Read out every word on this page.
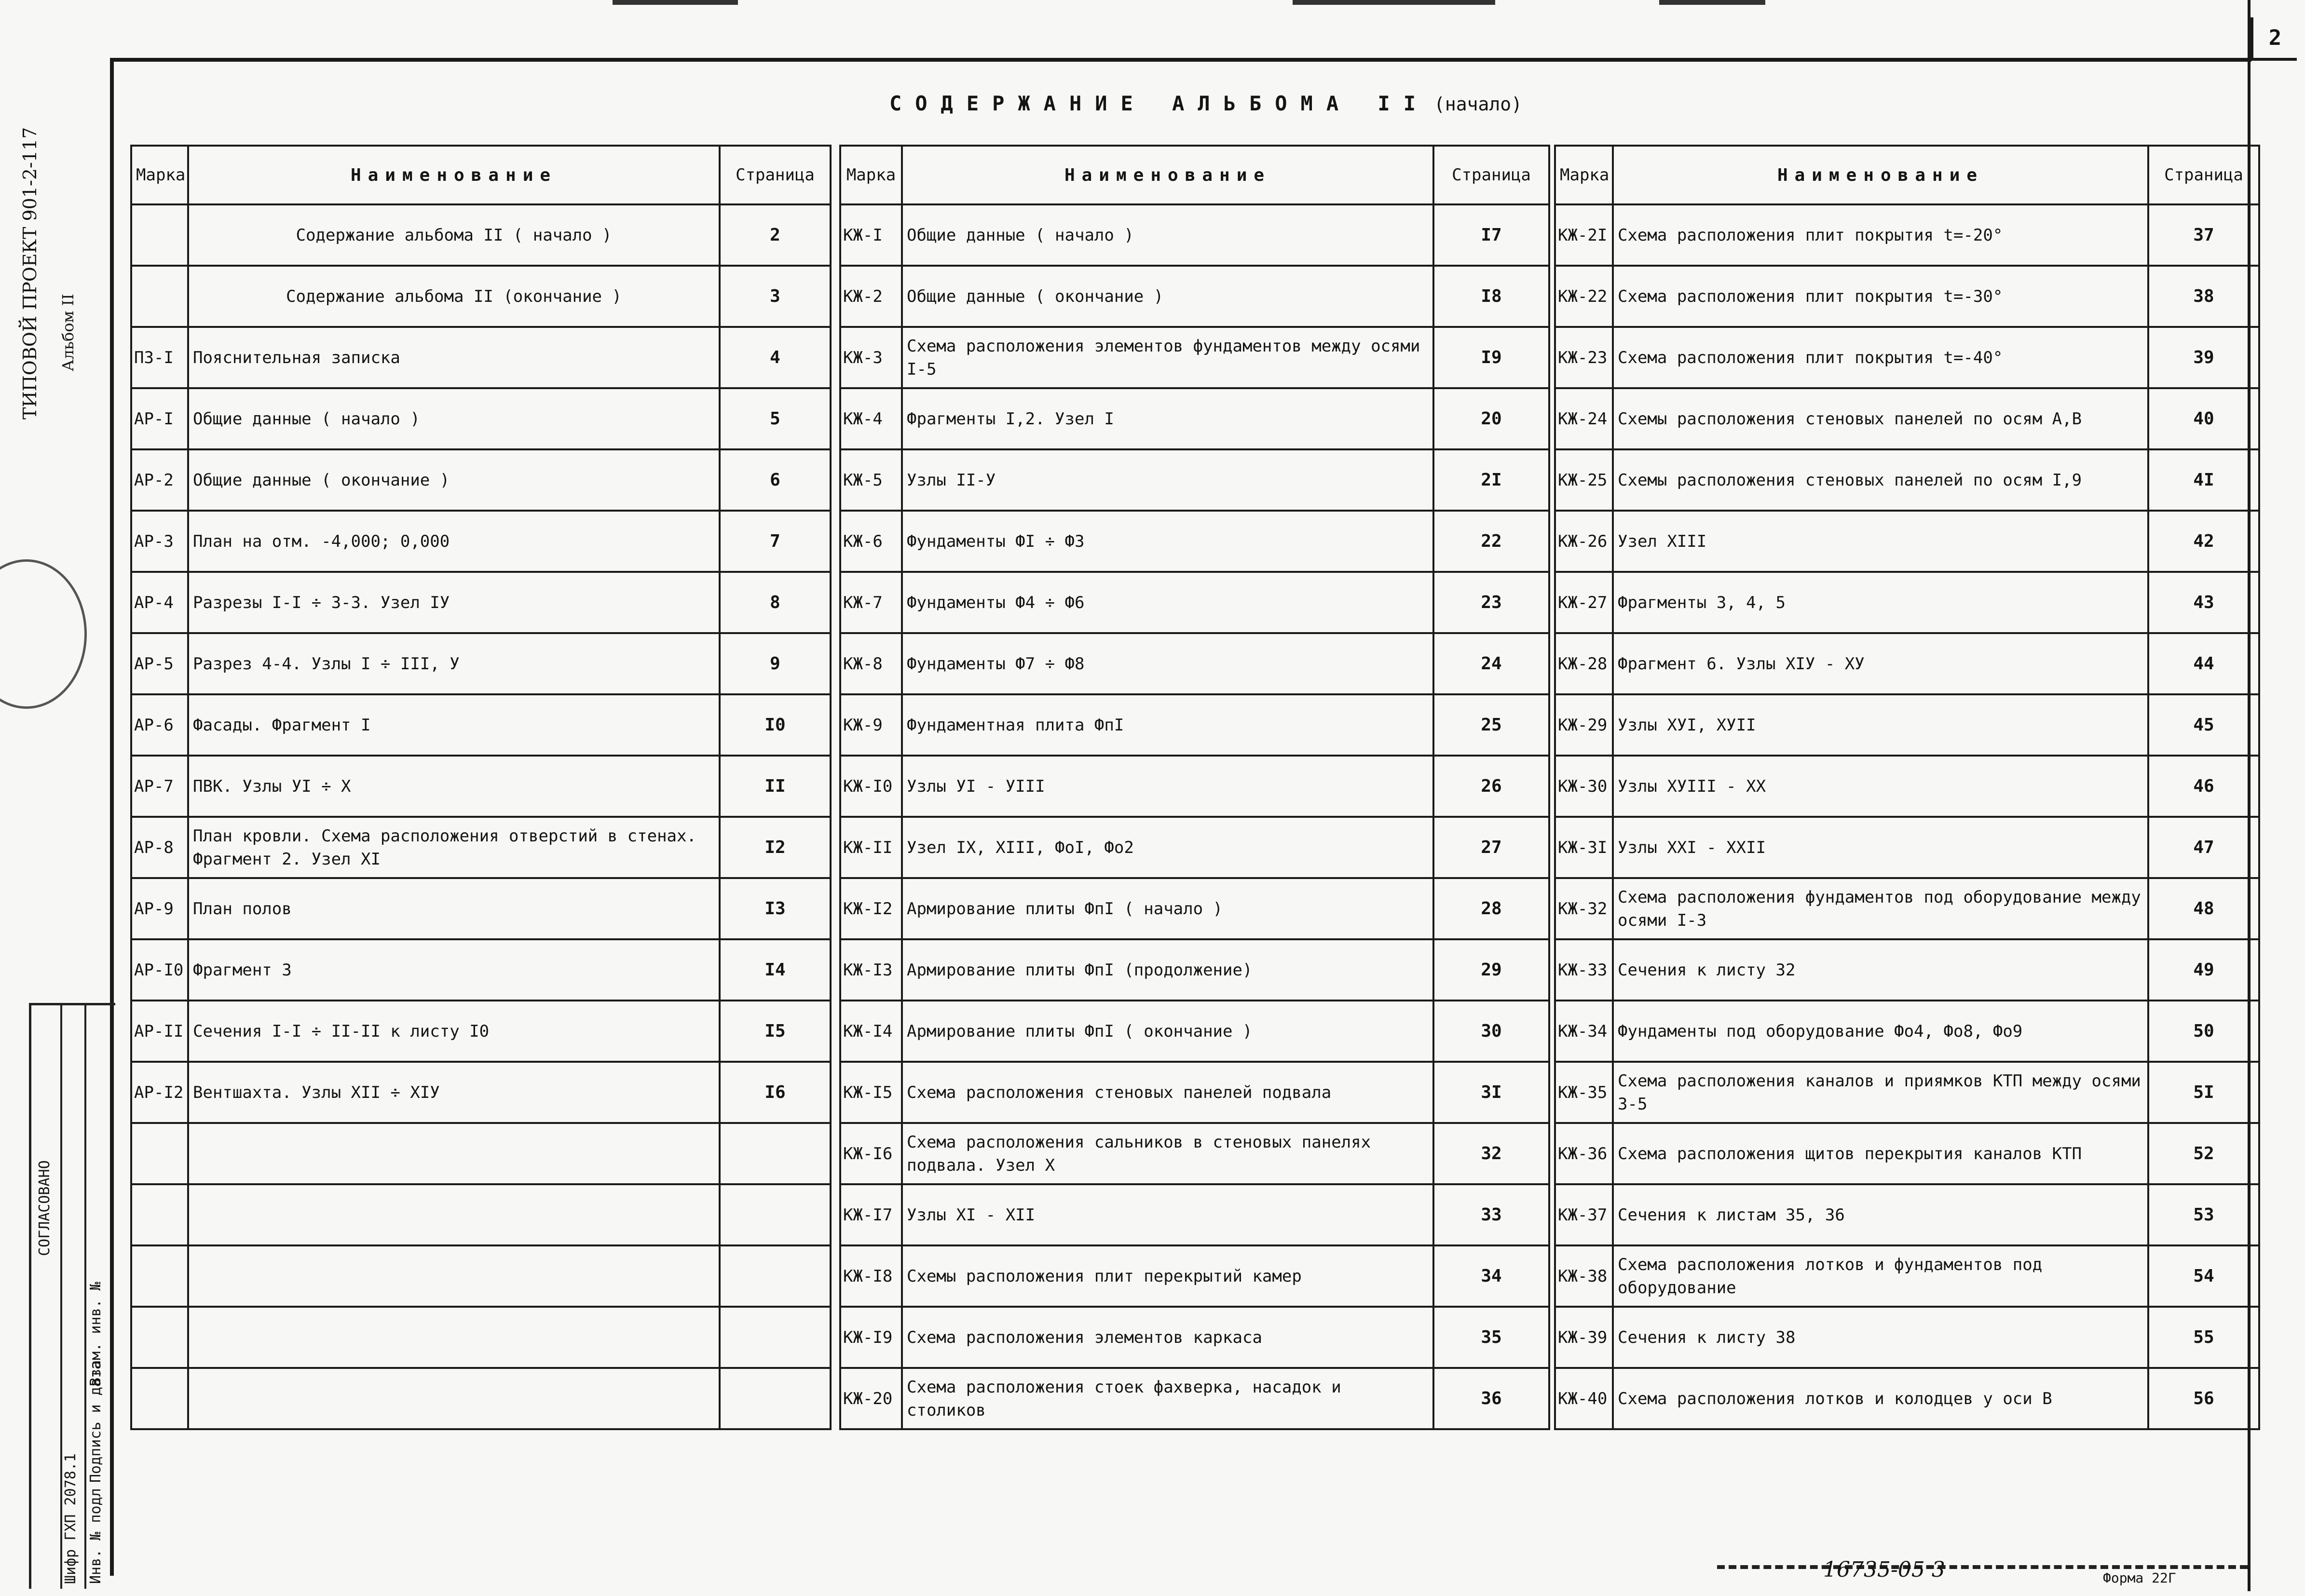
2
ТИПОВОЙ ПРОЕКТ 901-2-117	Альбом II
СОДЕРЖАНИЕ АЛЬБОМА II (начало)
СОГЛАСОВАНО
Шифр ГХП 2078.1 Инв. № подл
Подпись и дата
Взам. инв. №
Марка	Наименование	Страница
	Содержание альбома II ( начало )	2
	Содержание альбома II (окончание )	3
ПЗ-I	Пояснительная записка	4
АР-I	Общие данные ( начало )	5
АР-2	Общие данные ( окончание )	6
АР-3	План на отм. -4,000; 0,000	7
АР-4	Разрезы I-I ÷ 3-3. Узел IУ	8
АР-5	Разрез 4-4. Узлы I ÷ III, У	9
АР-6	Фасады. Фрагмент I	I0
АР-7	ПВК. Узлы УI ÷ X	II
АР-8	План кровли. Схема расположения отверстий в стенах. Фрагмент 2. Узел XI	I2
АР-9	План полов	I3
АР-I0	Фрагмент 3	I4
АР-II	Сечения I-I ÷ II-II к листу I0	I5
АР-I2	Вентшахта. Узлы XII ÷ XIУ	I6

Марка	Наименование	Страница
КЖ-I	Общие данные ( начало )	I7
КЖ-2	Общие данные ( окончание )	I8
КЖ-3	Схема расположения элементов фундаментов между осями I-5	I9
КЖ-4	Фрагменты I,2. Узел I	20
КЖ-5	Узлы II-У	2I
КЖ-6	Фундаменты ФI ÷ Ф3	22
КЖ-7	Фундаменты Ф4 ÷ Ф6	23
КЖ-8	Фундаменты Ф7 ÷ Ф8	24
КЖ-9	Фундаментная плита ФпI	25
КЖ-I0	Узлы УI - УIII	26
КЖ-II	Узел IX, XIII, ФоI, Фо2	27
КЖ-I2	Армирование плиты ФпI ( начало )	28
КЖ-I3	Армирование плиты ФпI (продолжение)	29
КЖ-I4	Армирование плиты ФпI ( окончание )	30
КЖ-I5	Схема расположения стеновых панелей подвала	3I
КЖ-I6	Схема расположения сальников в стеновых панелях подвала. Узел X	32
КЖ-I7	Узлы XI - XII	33
КЖ-I8	Схемы расположения плит перекрытий камер	34
КЖ-I9	Схема расположения элементов каркаса	35
КЖ-20	Схема расположения стоек фахверка, насадок и столиков	36
Марка	Наименование	Страница
КЖ-2I	Схема расположения плит покрытия t=-20°	37
КЖ-22	Схема расположения плит покрытия t=-30°	38
КЖ-23	Схема расположения плит покрытия t=-40°	39
КЖ-24	Схемы расположения стеновых панелей по осям А,В	40
КЖ-25	Схемы расположения стеновых панелей по осям I,9	4I
КЖ-26	Узел XIII	42
КЖ-27	Фрагменты 3, 4, 5	43
КЖ-28	Фрагмент 6. Узлы XIУ - XУ	44
КЖ-29	Узлы XУI, XУII	45
КЖ-30	Узлы XУIII - XX	46
КЖ-3I	Узлы XXI - XXII	47
КЖ-32	Схема расположения фундаментов под оборудование между осями I-3	48
КЖ-33	Сечения к листу 32	49
КЖ-34	Фундаменты под оборудование Фо4, Фо8, Фо9	50
КЖ-35	Схема расположения каналов и приямков КТП между осями 3-5	5I
КЖ-36	Схема расположения щитов перекрытия каналов КТП	52
КЖ-37	Сечения к листам 35, 36	53
КЖ-38	Схема расположения лотков и фундаментов под оборудование	54
КЖ-39	Сечения к листу 38	55
КЖ-40	Схема расположения лотков и колодцев у оси В	56
16735-05 3	Форма 22Г
